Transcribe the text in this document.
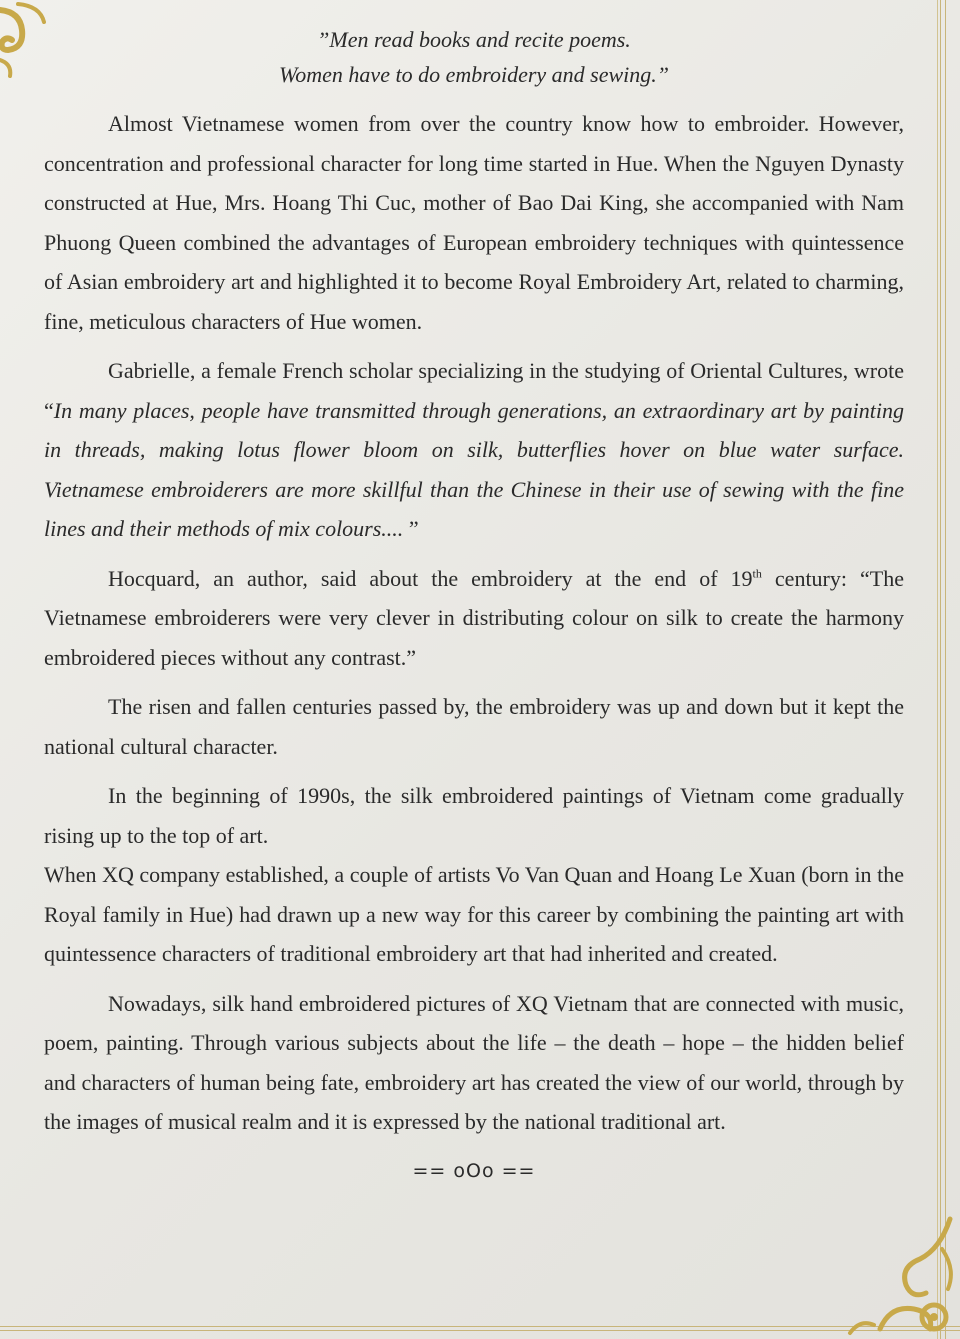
”Men read books and recite poems.
Women have to do embroidery and sewing.”

Almost Vietnamese women from over the country know how to embroider. However, concentration and professional character for long time started in Hue. When the Nguyen Dynasty constructed at Hue, Mrs. Hoang Thi Cuc, mother of Bao Dai King, she accompanied with Nam Phuong Queen combined the advantages of European embroidery techniques with quintessence of Asian embroidery art and highlighted it to become Royal Embroidery Art, related to charming, fine, meticulous characters of Hue women.

Gabrielle, a female French scholar specializing in the studying of Oriental Cultures, wrote “In many places, people have transmitted through generations, an extraordinary art by painting in threads, making lotus flower bloom on silk, butterflies hover on blue water surface. Vietnamese embroiderers are more skillful than the Chinese in their use of sewing with the fine lines and their methods of mix colours.... ”

Hocquard, an author, said about the embroidery at the end of 19th century: “The Vietnamese embroiderers were very clever in distributing colour on silk to create the harmony embroidered pieces without any contrast.”

The risen and fallen centuries passed by, the embroidery was up and down but it kept the national cultural character.

In the beginning of 1990s, the silk embroidered paintings of Vietnam come gradually rising up to the top of art.

When XQ company established, a couple of artists Vo Van Quan and Hoang Le Xuan (born in the Royal family in Hue) had drawn up a new way for this career by combining the painting art with quintessence characters of traditional embroidery art that had inherited and created.

Nowadays, silk hand embroidered pictures of XQ Vietnam that are connected with music, poem, painting. Through various subjects about the life – the death – hope – the hidden belief and characters of human being fate, embroidery art has created the view of our world, through by the images of musical realm and it is expressed by the national traditional art.

== oOo ==
